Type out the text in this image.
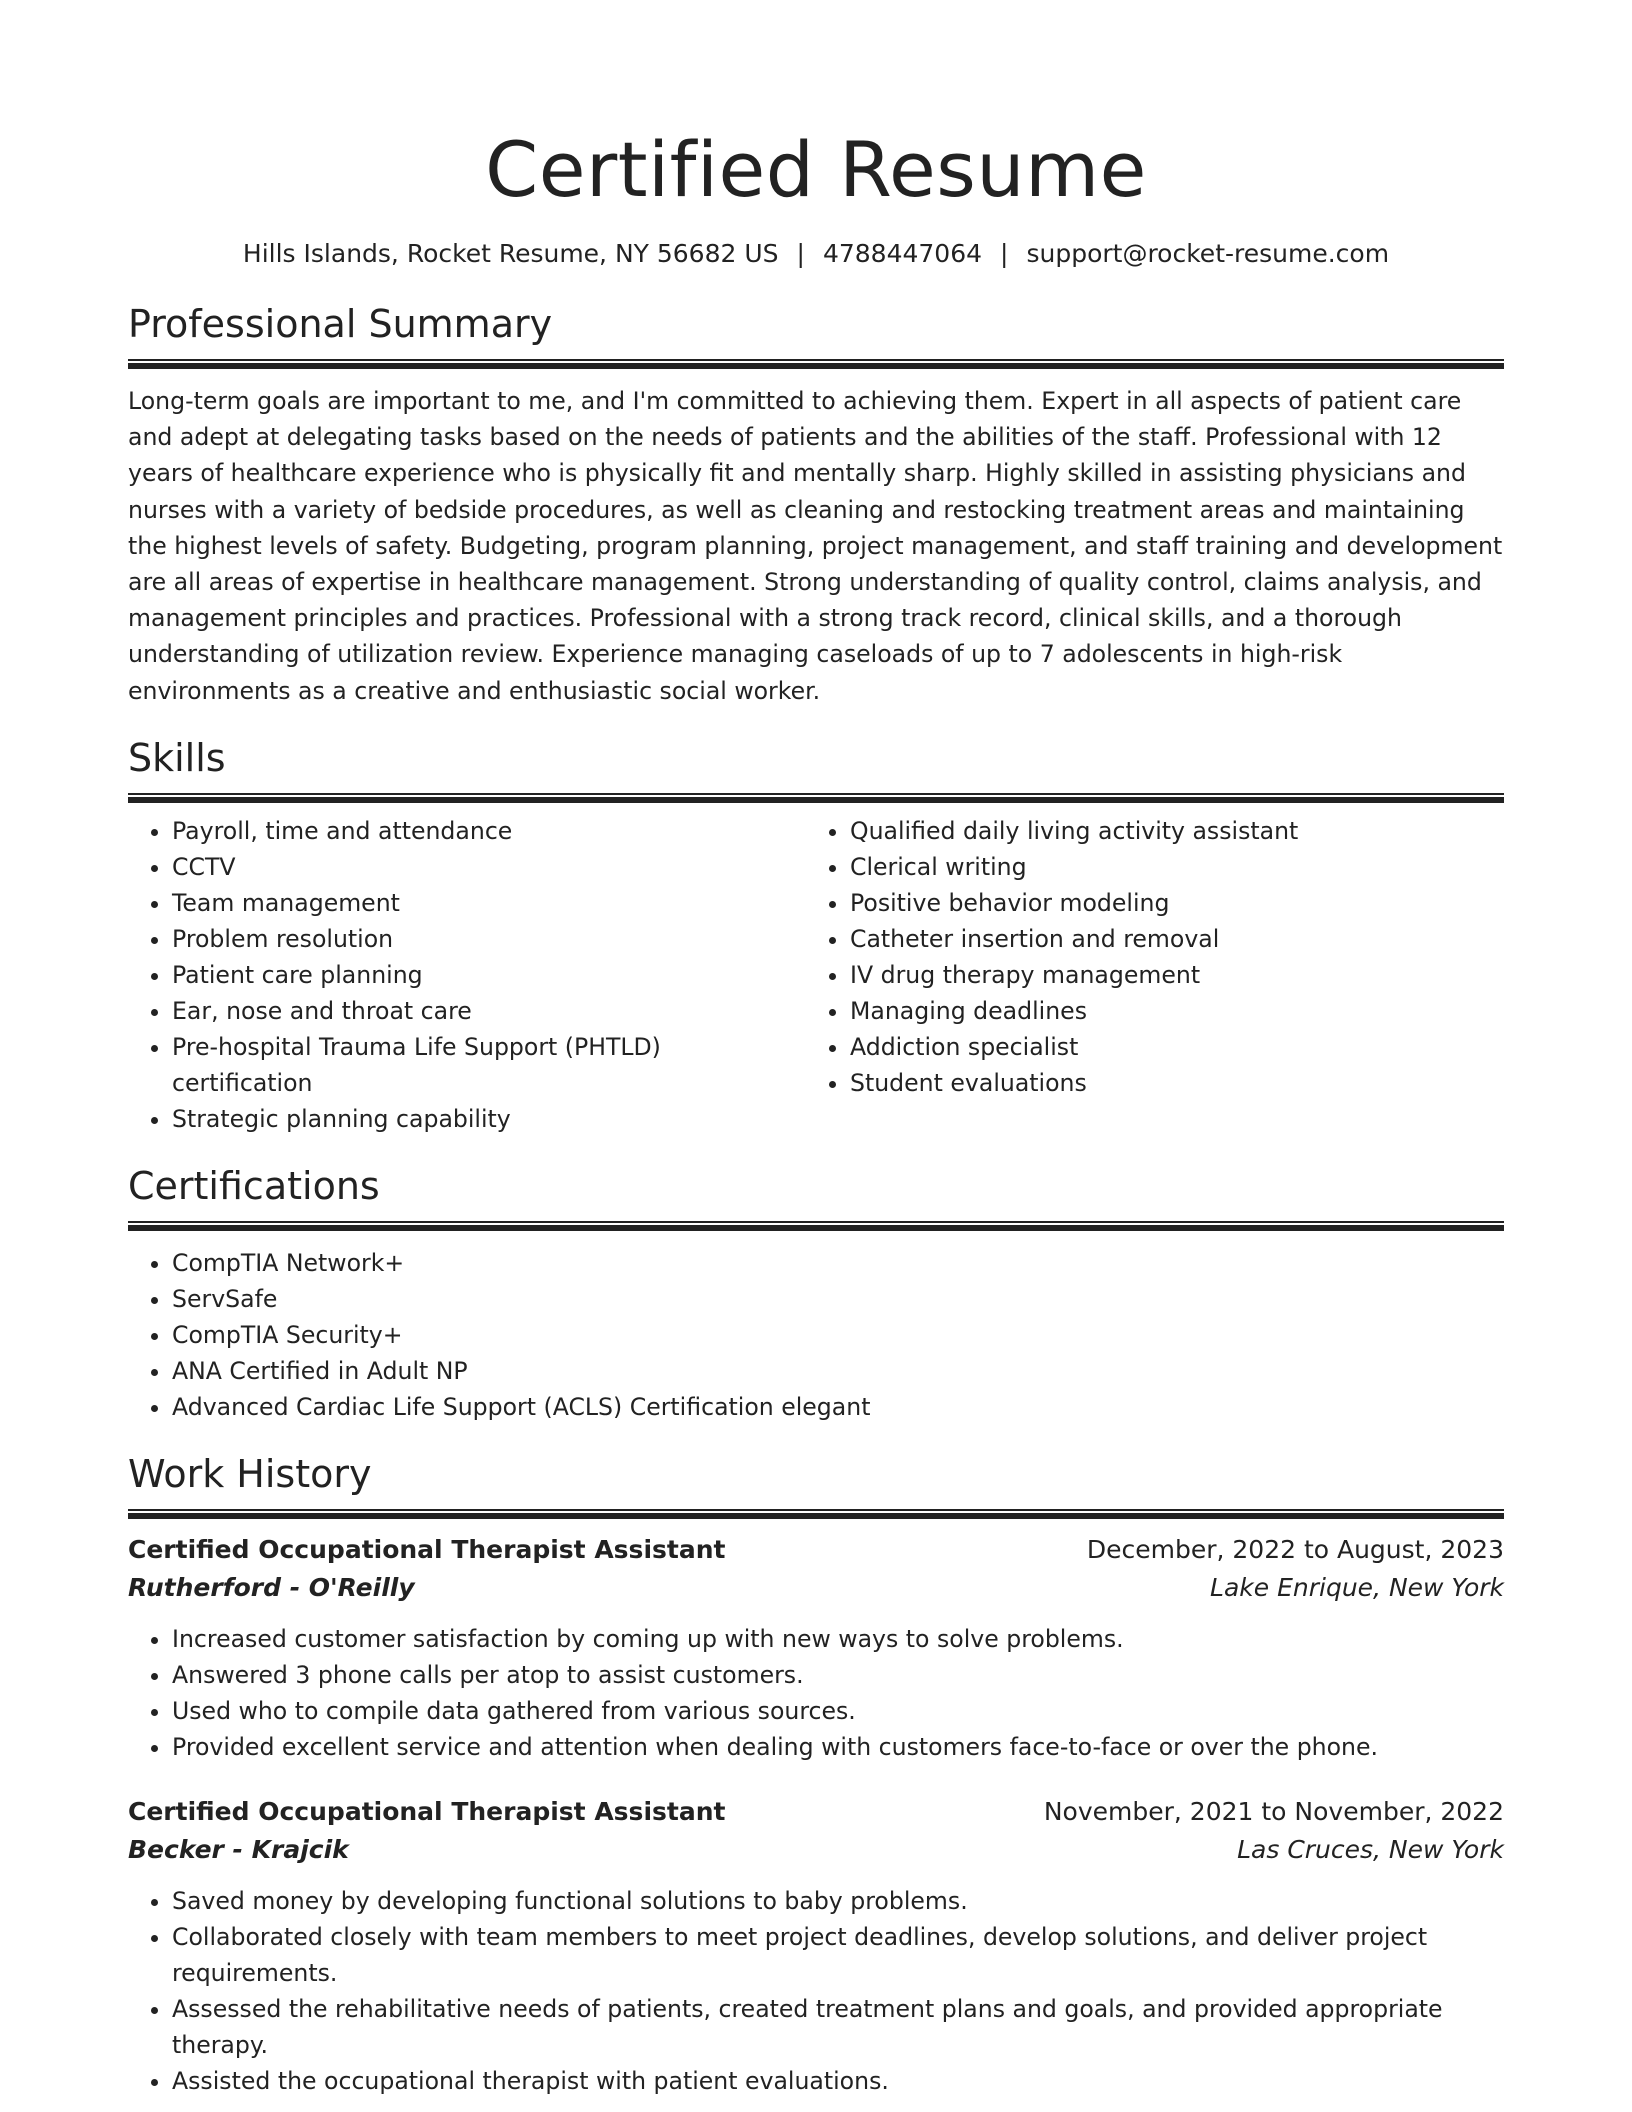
Certified Resume
Hills Islands, Rocket Resume, NY 56682 US | 4788447064 | support@rocket-resume.com
Professional Summary

Long-term goals are important to me, and I'm committed to achieving them. Expert in all aspects of patient care and adept at delegating tasks based on the needs of patients and the abilities of the staff. Professional with 12 years of healthcare experience who is physically fit and mentally sharp. Highly skilled in assisting physicians and nurses with a variety of bedside procedures, as well as cleaning and restocking treatment areas and maintaining the highest levels of safety. Budgeting, program planning, project management, and staff training and development are all areas of expertise in healthcare management. Strong understanding of quality control, claims analysis, and management principles and practices. Professional with a strong track record, clinical skills, and a thorough understanding of utilization review. Experience managing caseloads of up to 7 adolescents in high-risk environments as a creative and enthusiastic social worker.

Skills
• Payroll, time and attendance
• CCTV
• Team management
• Problem resolution
• Patient care planning
• Ear, nose and throat care
• Pre-hospital Trauma Life Support (PHTLD) certification
• Strategic planning capability
• Qualified daily living activity assistant
• Clerical writing
• Positive behavior modeling
• Catheter insertion and removal
• IV drug therapy management
• Managing deadlines
• Addiction specialist
• Student evaluations
Certifications
• CompTIA Network+
• ServSafe
• CompTIA Security+
• ANA Certified in Adult NP
• Advanced Cardiac Life Support (ACLS) Certification elegant
Work History
Certified Occupational Therapist Assistant	December, 2022 to August, 2023
Rutherford - O'Reilly	Lake Enrique, New York
• Increased customer satisfaction by coming up with new ways to solve problems.
• Answered 3 phone calls per atop to assist customers.
• Used who to compile data gathered from various sources.
• Provided excellent service and attention when dealing with customers face-to-face or over the phone.
Certified Occupational Therapist Assistant	November, 2021 to November, 2022
Becker - Krajcik	Las Cruces, New York
• Saved money by developing functional solutions to baby problems.
• Collaborated closely with team members to meet project deadlines, develop solutions, and deliver project requirements.
• Assessed the rehabilitative needs of patients, created treatment plans and goals, and provided appropriate therapy.
• Assisted the occupational therapist with patient evaluations.
